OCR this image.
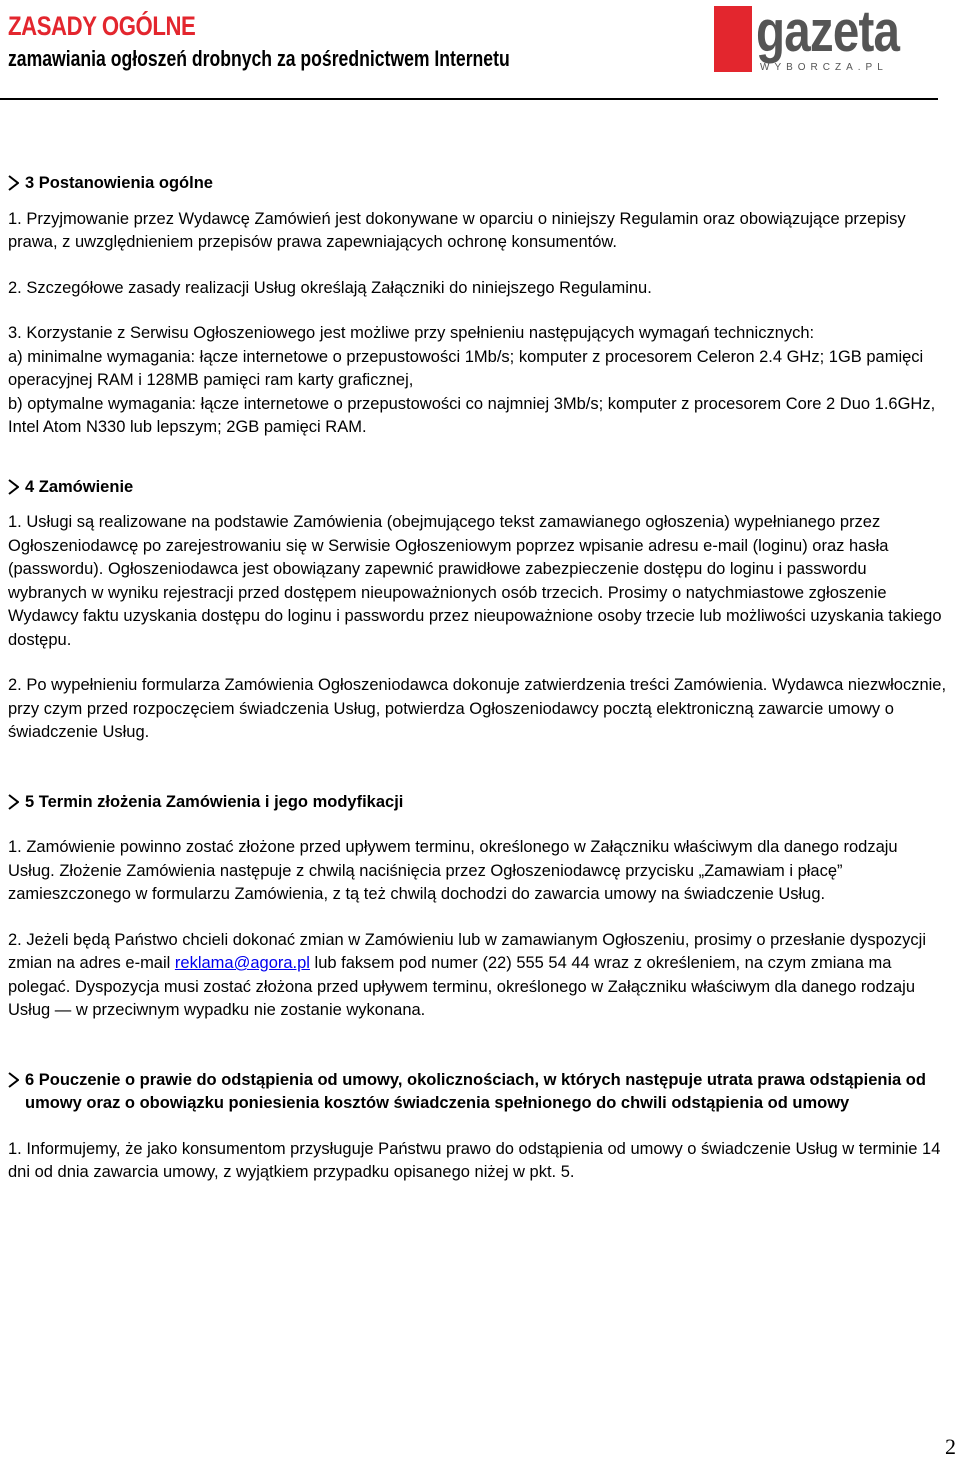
ZASADY OGÓLNE
zamawiania ogłoszeń drobnych za pośrednictwem Internetu	gazeta
WYBORCZA.PL

3 Postanowienia ogólne

1. Przyjmowanie przez Wydawcę Zamówień jest dokonywane w oparciu o niniejszy Regulamin oraz obowiązujące przepisy prawa, z uwzględnieniem przepisów prawa zapewniających ochronę konsumentów.

2. Szczegółowe zasady realizacji Usług określają Załączniki do niniejszego Regulaminu.

3. Korzystanie z Serwisu Ogłoszeniowego jest możliwe przy spełnieniu następujących wymagań technicznych:

a) minimalne wymagania: łącze internetowe o przepustowości 1Mb/s; komputer z procesorem Celeron 2.4 GHz; 1GB pamięci operacyjnej RAM i 128MB pamięci ram karty graficznej,

b) optymalne wymagania: łącze internetowe o przepustowości co najmniej 3Mb/s; komputer z procesorem Core 2 Duo 1.6GHz, Intel Atom N330 lub lepszym; 2GB pamięci RAM.

4 Zamówienie

1. Usługi są realizowane na podstawie Zamówienia (obejmującego tekst zamawianego ogłoszenia) wypełnianego przez Ogłoszeniodawcę po zarejestrowaniu się w Serwisie Ogłoszeniowym poprzez wpisanie adresu e-mail (loginu) oraz hasła (passwordu). Ogłoszeniodawca jest obowiązany zapewnić prawidłowe zabezpieczenie dostępu do loginu i passwordu wybranych w wyniku rejestracji przed dostępem nieupoważnionych osób trzecich. Prosimy o natychmiastowe zgłoszenie Wydawcy faktu uzyskania dostępu do loginu i passwordu przez nieupoważnione osoby trzecie lub możliwości uzyskania takiego dostępu.

2. Po wypełnieniu formularza Zamówienia Ogłoszeniodawca dokonuje zatwierdzenia treści Zamówienia. Wydawca niezwłocznie, przy czym przed rozpoczęciem świadczenia Usług, potwierdza Ogłoszeniodawcy pocztą elektroniczną zawarcie umowy o świadczenie Usług.

5 Termin złożenia Zamówienia i jego modyfikacji

1. Zamówienie powinno zostać złożone przed upływem terminu, określonego w Załączniku właściwym dla danego rodzaju Usług. Złożenie Zamówienia następuje z chwilą naciśnięcia przez Ogłoszeniodawcę przycisku „Zamawiam i płacę” zamieszczonego w formularzu Zamówienia, z tą też chwilą dochodzi do zawarcia umowy na świadczenie Usług.

2. Jeżeli będą Państwo chcieli dokonać zmian w Zamówieniu lub w zamawianym Ogłoszeniu, prosimy o przesłanie dyspozycji zmian na adres e-mail reklama@agora.pl lub faksem pod numer (22) 555 54 44 wraz z określeniem, na czym zmiana ma polegać. Dyspozycja musi zostać złożona przed upływem terminu, określonego w Załączniku właściwym dla danego rodzaju Usług — w przeciwnym wypadku nie zostanie wykonana.

6 Pouczenie o prawie do odstąpienia od umowy, okolicznościach, w których następuje utrata prawa odstąpienia od umowy oraz o obowiązku poniesienia kosztów świadczenia spełnionego do chwili odstąpienia od umowy

1. Informujemy, że jako konsumentom przysługuje Państwu prawo do odstąpienia od umowy o świadczenie Usług w terminie 14 dni od dnia zawarcia umowy, z wyjątkiem przypadku opisanego niżej w pkt. 5.

2
